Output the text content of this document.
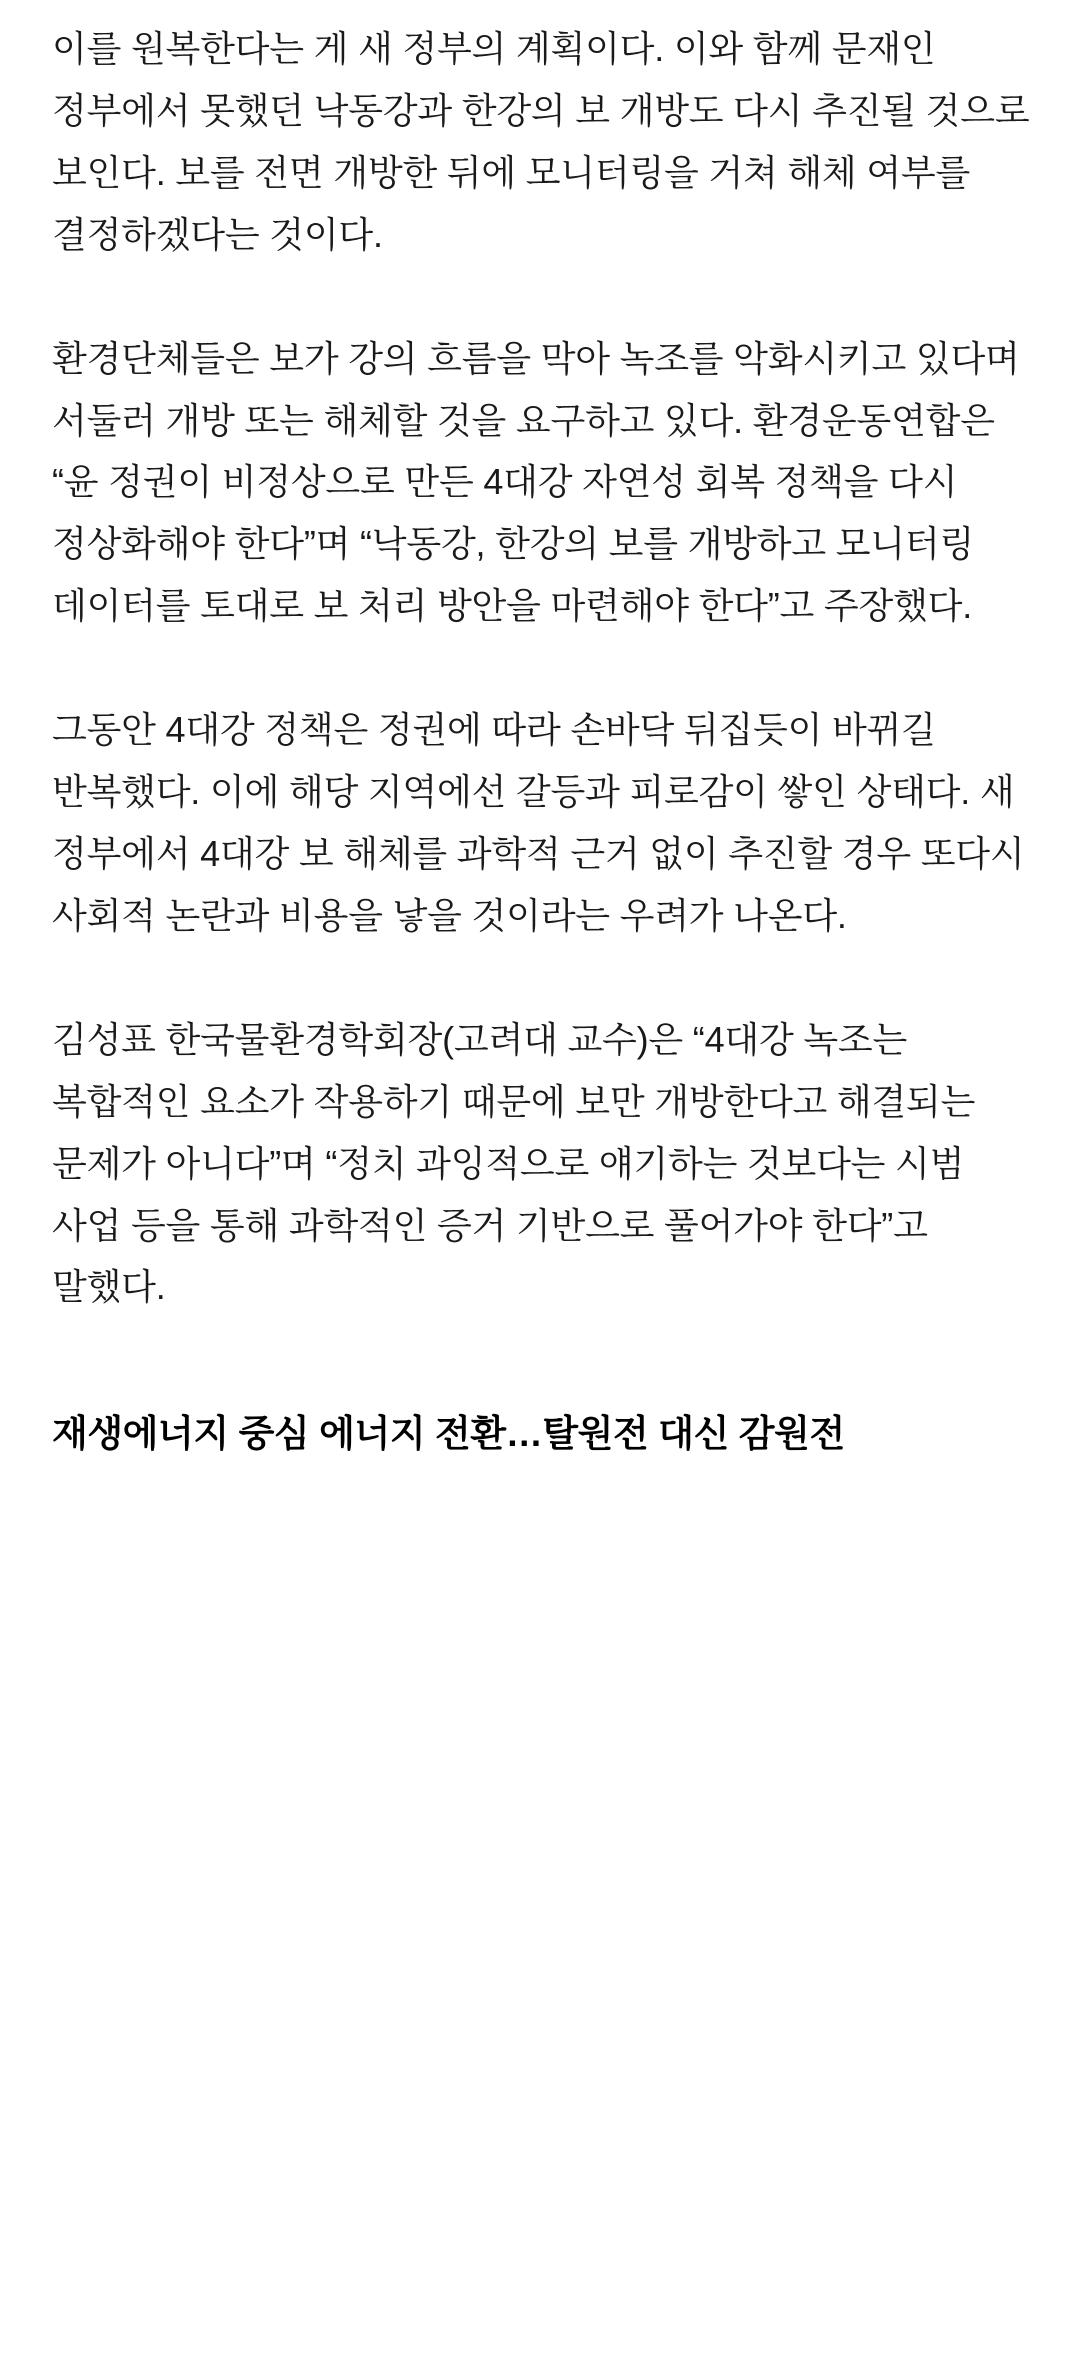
이를 원복한다는 게 새 정부의 계획이다. 이와 함께 문재인 정부에서 못했던 낙동강과 한강의 보 개방도 다시 추진될 것으로 보인다. 보를 전면 개방한 뒤에 모니터링을 거쳐 해체 여부를 결정하겠다는 것이다.

환경단체들은 보가 강의 흐름을 막아 녹조를 악화시키고 있다며 서둘러 개방 또는 해체할 것을 요구하고 있다. 환경운동연합은 “윤 정권이 비정상으로 만든 4대강 자연성 회복 정책을 다시 정상화해야 한다”며 “낙동강, 한강의 보를 개방하고 모니터링 데이터를 토대로 보 처리 방안을 마련해야 한다”고 주장했다.

그동안 4대강 정책은 정권에 따라 손바닥 뒤집듯이 바뀌길 반복했다. 이에 해당 지역에선 갈등과 피로감이 쌓인 상태다. 새 정부에서 4대강 보 해체를 과학적 근거 없이 추진할 경우 또다시 사회적 논란과 비용을 낳을 것이라는 우려가 나온다.

김성표 한국물환경학회장(고려대 교수)은 “4대강 녹조는 복합적인 요소가 작용하기 때문에 보만 개방한다고 해결되는 문제가 아니다”며 “정치 과잉적으로 얘기하는 것보다는 시범 사업 등을 통해 과학적인 증거 기반으로 풀어가야 한다”고 말했다.

재생에너지 중심 에너지 전환…탈원전 대신 감원전
